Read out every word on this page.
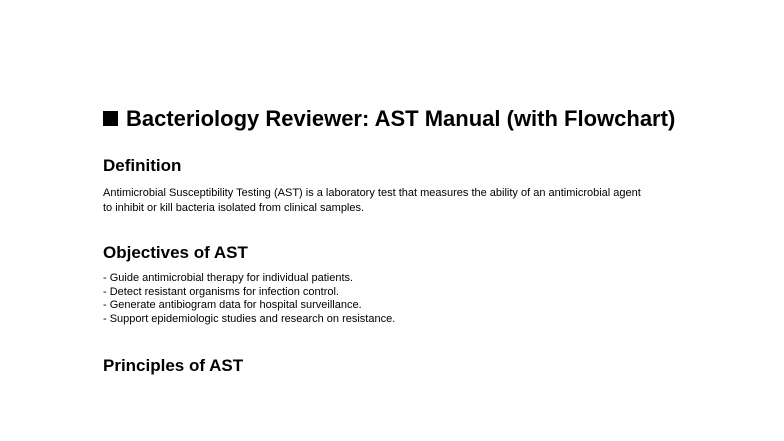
Bacteriology Reviewer: AST Manual (with Flowchart)
Definition

Antimicrobial Susceptibility Testing (AST) is a laboratory test that measures the ability of an antimicrobial agent to inhibit or kill bacteria isolated from clinical samples.

Objectives of AST
- Guide antimicrobial therapy for individual patients.
- Detect resistant organisms for infection control.
- Generate antibiogram data for hospital surveillance.
- Support epidemiologic studies and research on resistance.
Principles of AST
